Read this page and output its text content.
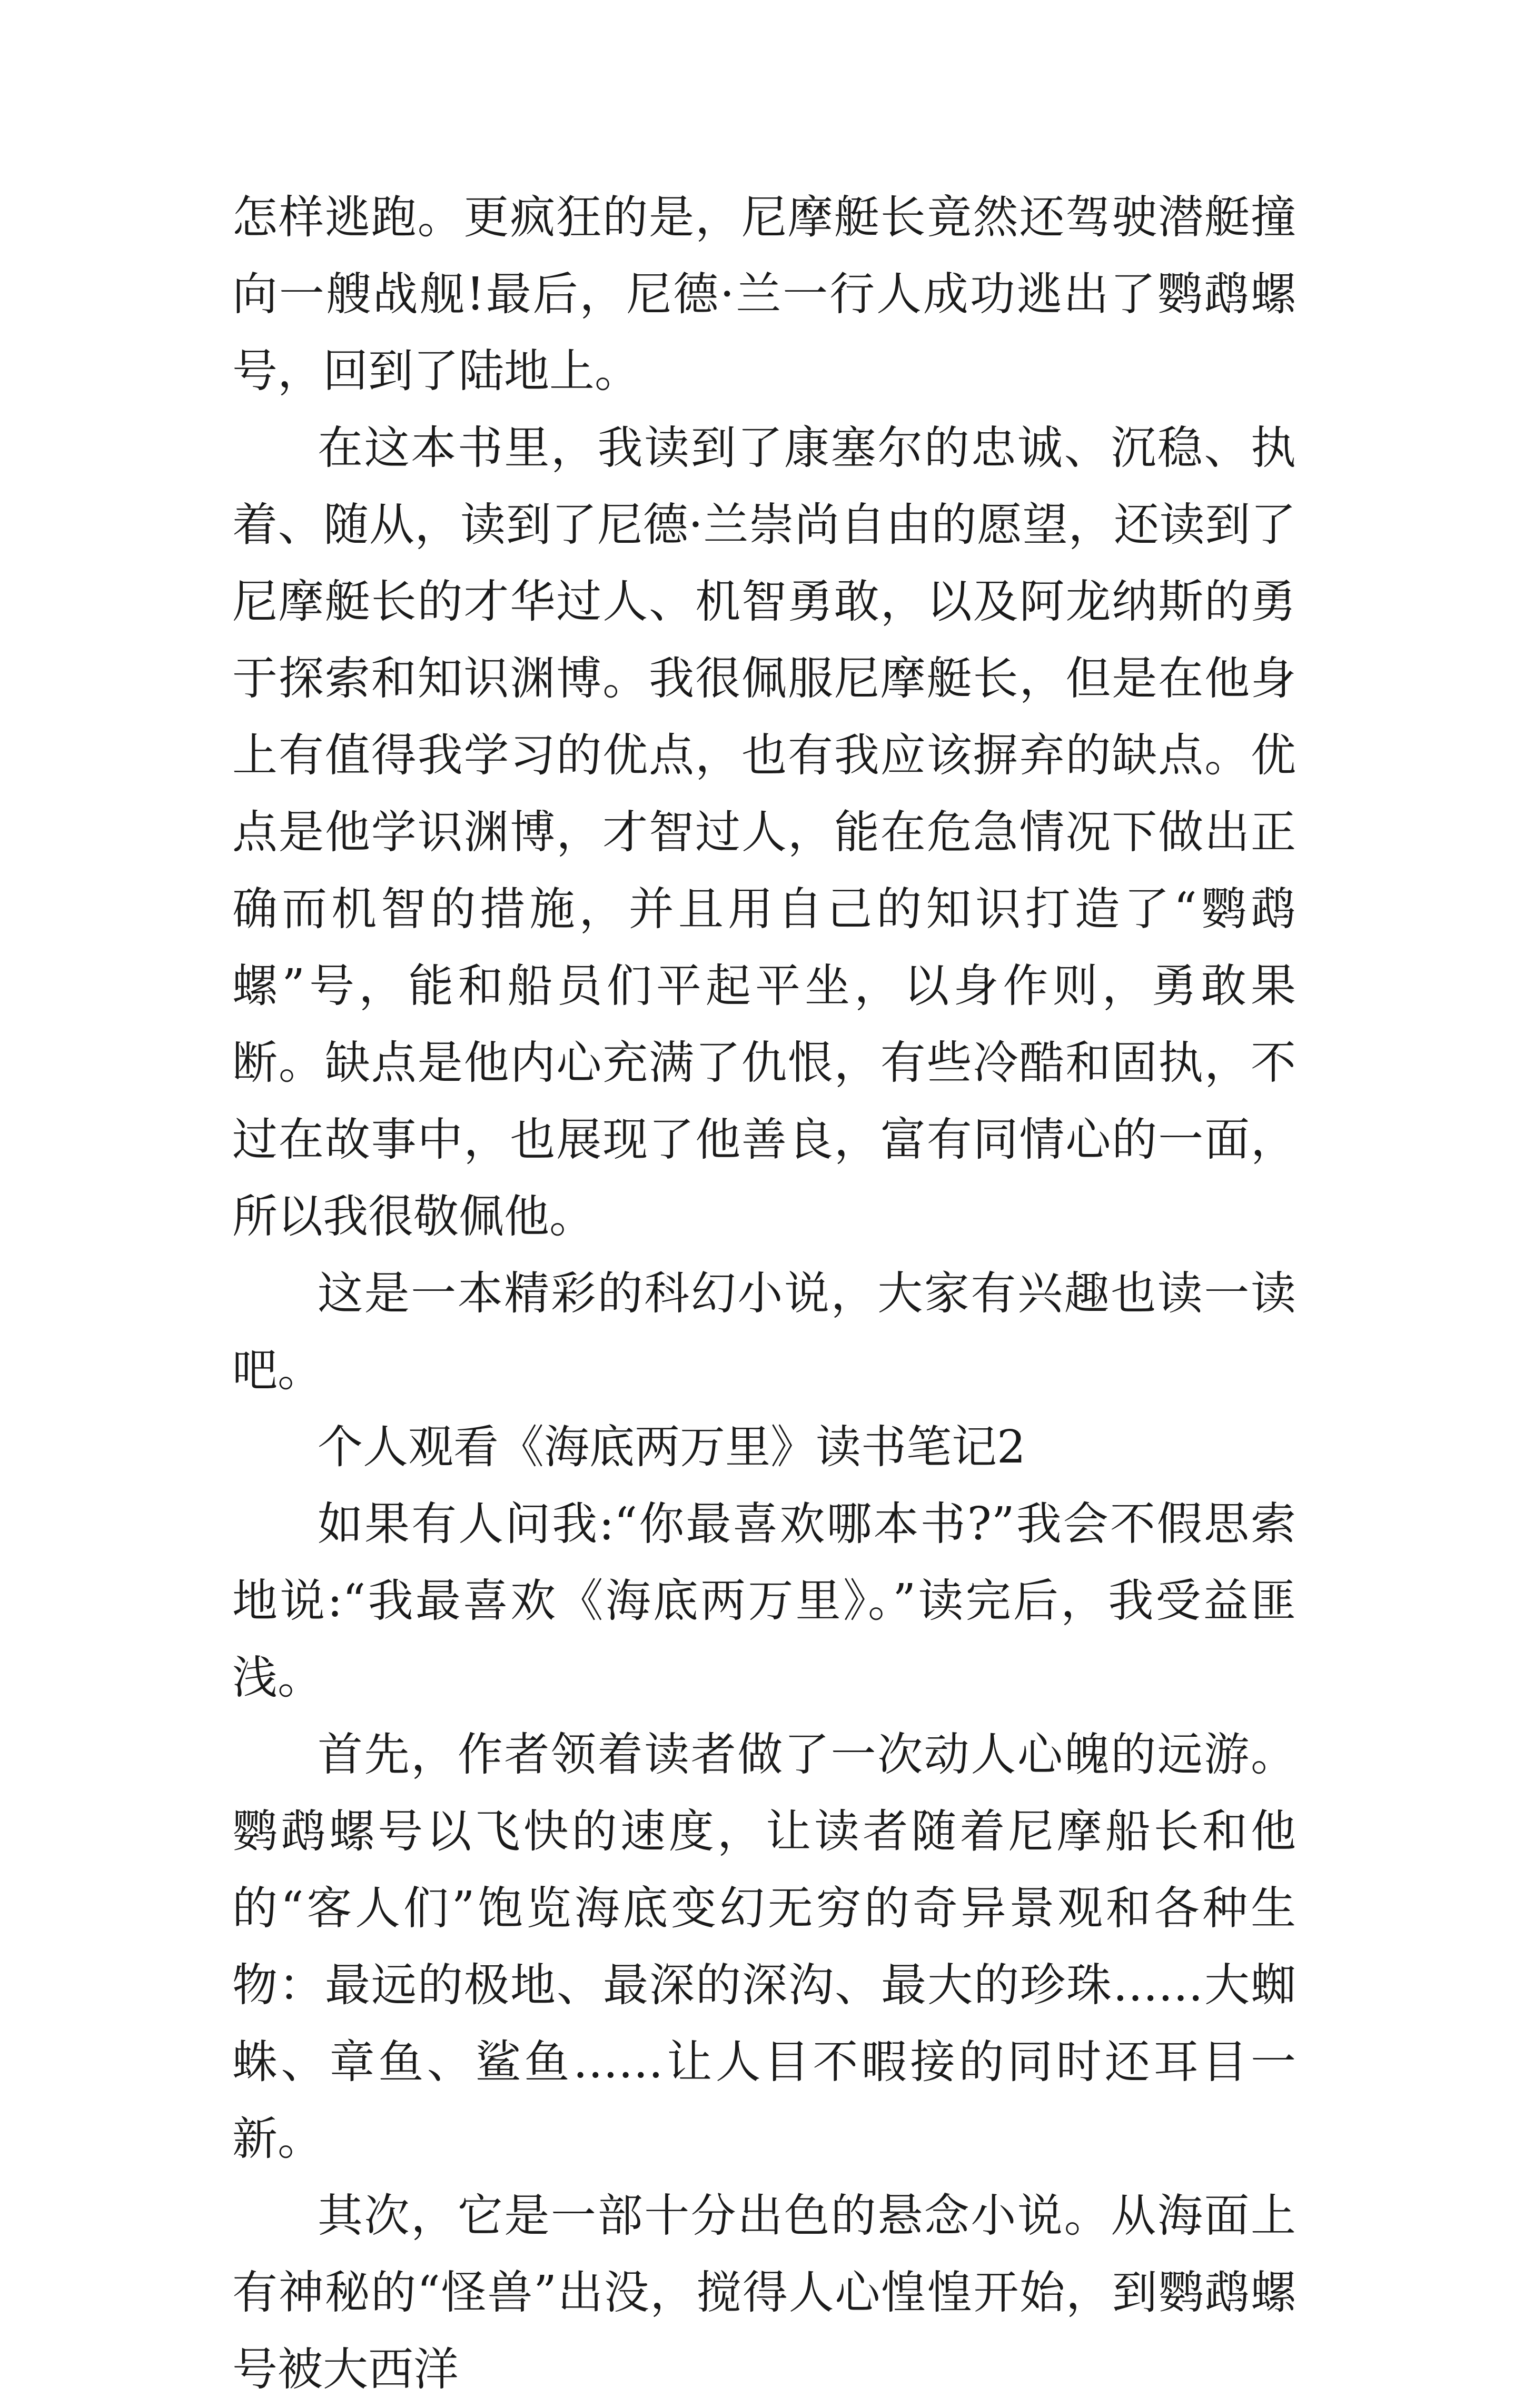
怎样逃跑。更疯狂的是，尼摩艇长竟然还驾驶潜艇撞向一艘战舰!最后，尼德·兰一行人成功逃出了鹦鹉螺号，回到了陆地上。

在这本书里，我读到了康塞尔的忠诚、沉稳、执着、随从，读到了尼德·兰崇尚自由的愿望，还读到了尼摩艇长的才华过人、机智勇敢，以及阿龙纳斯的勇于探索和知识渊博。我很佩服尼摩艇长，但是在他身上有值得我学习的优点，也有我应该摒弃的缺点。优点是他学识渊博，才智过人，能在危急情况下做出正确而机智的措施，并且用自己的知识打造了“鹦鹉螺”号，能和船员们平起平坐，以身作则，勇敢果断。缺点是他内心充满了仇恨，有些冷酷和固执，不过在故事中，也展现了他善良，富有同情心的一面，所以我很敬佩他。

这是一本精彩的科幻小说，大家有兴趣也读一读吧。

个人观看《海底两万里》读书笔记2

如果有人问我:“你最喜欢哪本书?”我会不假思索地说:“我最喜欢《海底两万里》。”读完后，我受益匪浅。

首先，作者领着读者做了一次动人心魄的远游。鹦鹉螺号以飞快的速度，让读者随着尼摩船长和他的“客人们”饱览海底变幻无穷的奇异景观和各种生物：最远的极地、最深的深沟、最大的珍珠……大蜘蛛、章鱼、鲨鱼……让人目不暇接的同时还耳目一新。

其次，它是一部十分出色的悬念小说。从海面上有神秘的“怪兽”出没，搅得人心惶惶开始，到鹦鹉螺号被大西洋
